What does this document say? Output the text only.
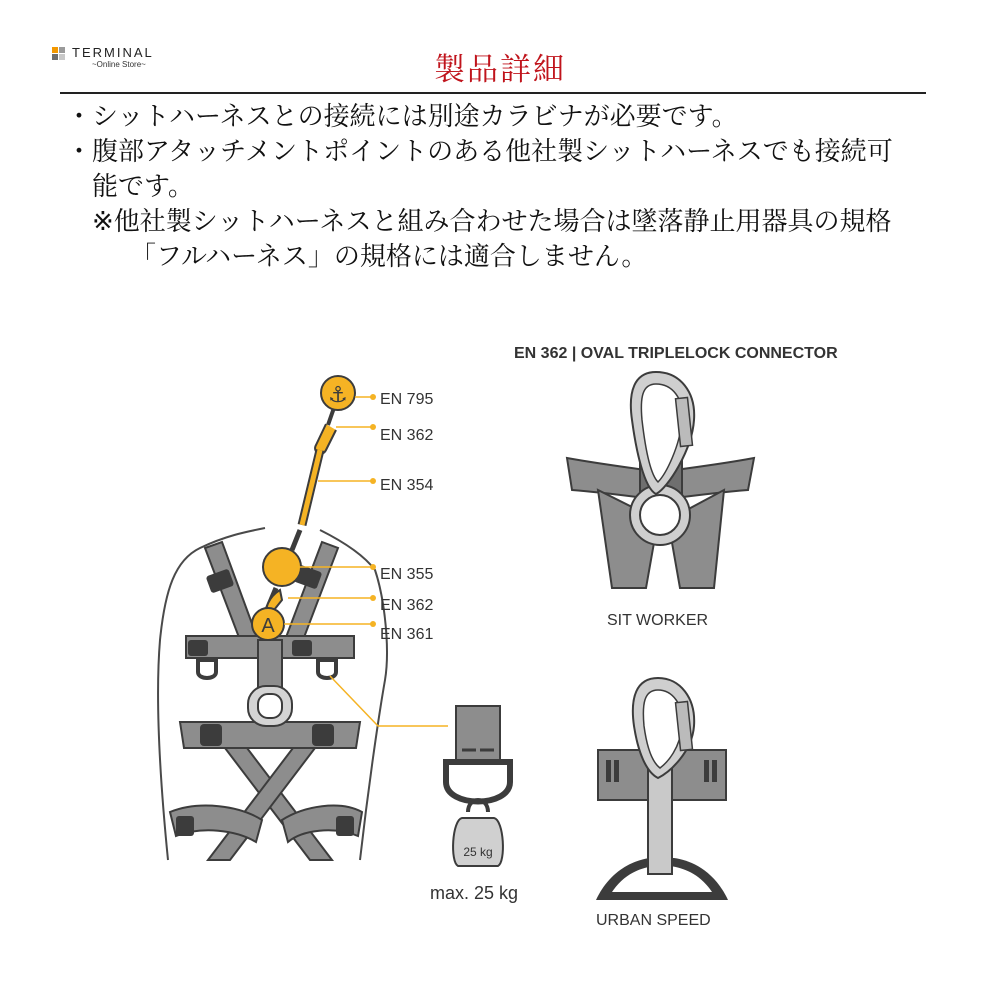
TERMINAL
~Online Store~	製品詳細
・シットハーネスとの接続には別途カラビナが必要です。
・腹部アタッチメントポイントのある他社製シットハーネスでも接続可
能です。
※他社製シットハーネスと組み合わせた場合は墜落静止用器具の規格
「フルハーネス」の規格には適合しません。
⚓
A
EN 795
EN 362
EN 354
EN 355
EN 362
EN 361
25 kg
max. 25 kg
EN 362 | OVAL TRIPLELOCK CONNECTOR
SIT WORKER
URBAN SPEED
